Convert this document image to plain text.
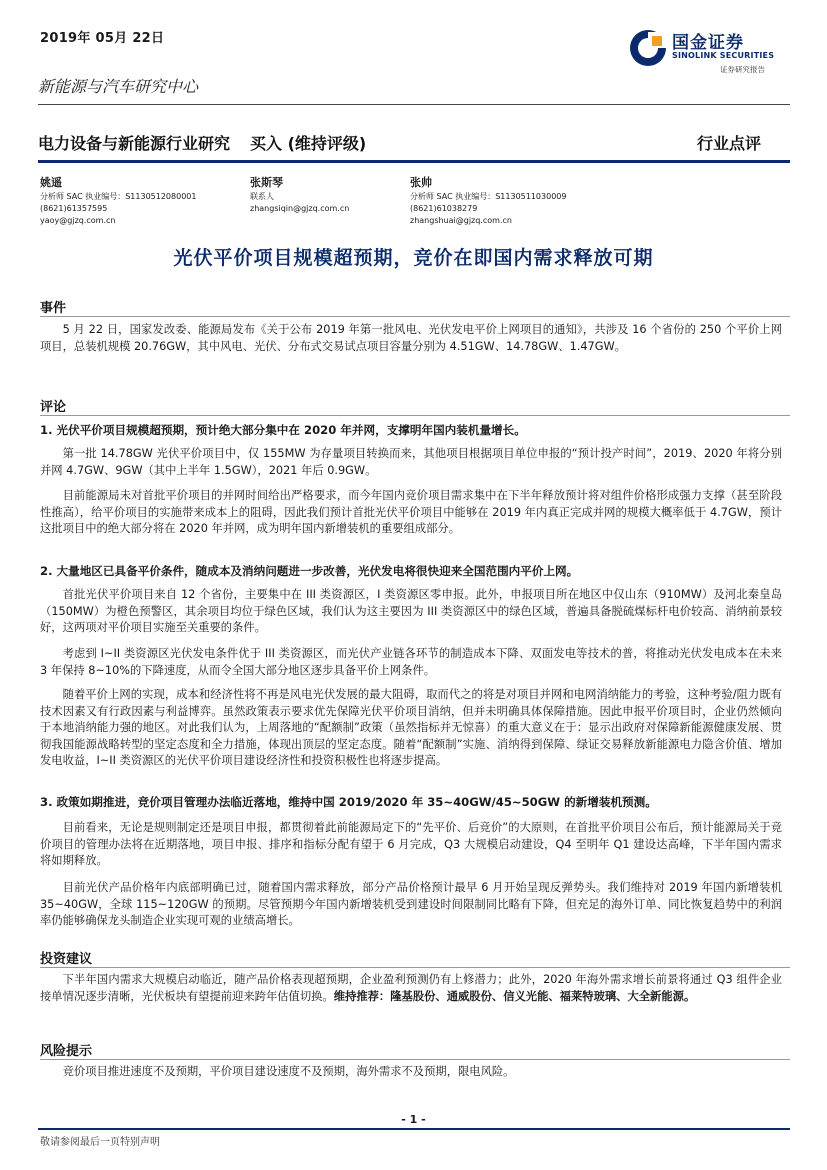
2019年 05月 22日
新能源与汽车研究中心
国金证券
SINOLINK SECURITIES
证券研究报告
电力设备与新能源行业研究 买入 (维持评级)	行业点评
姚遥
分析师 SAC 执业编号：S1130512080001
(8621)61357595
yaoy@gjzq.com.cn
张斯琴
联系人
zhangsiqin@gjzq.com.cn
张帅
分析师 SAC 执业编号：S1130511030009
(8621)61038279
zhangshuai@gjzq.com.cn
光伏平价项目规模超预期，竞价在即国内需求释放可期
事件
5 月 22 日，国家发改委、能源局发布《关于公布 2019 年第一批风电、光伏发电平价上网项目的通知》，共涉及 16 个省份的 250 个平价上网项目，总装机规模 20.76GW，其中风电、光伏、分布式交易试点项目容量分别为 4.51GW、14.78GW、1.47GW。
评论
1. 光伏平价项目规模超预期，预计绝大部分集中在 2020 年并网，支撑明年国内装机量增长。
第一批 14.78GW 光伏平价项目中，仅 155MW 为存量项目转换而来，其他项目根据项目单位申报的“预计投产时间”，2019、2020 年将分别并网 4.7GW、9GW（其中上半年 1.5GW），2021 年后 0.9GW。
目前能源局未对首批平价项目的并网时间给出严格要求，而今年国内竞价项目需求集中在下半年释放预计将对组件价格形成强力支撑（甚至阶段性推高），给平价项目的实施带来成本上的阻碍，因此我们预计首批光伏平价项目中能够在 2019 年内真正完成并网的规模大概率低于 4.7GW，预计这批项目中的绝大部分将在 2020 年并网，成为明年国内新增装机的重要组成部分。
2. 大量地区已具备平价条件，随成本及消纳问题进一步改善，光伏发电将很快迎来全国范围内平价上网。
首批光伏平价项目来自 12 个省份，主要集中在 III 类资源区，I 类资源区零申报。此外，申报项目所在地区中仅山东（910MW）及河北秦皇岛（150MW）为橙色预警区，其余项目均位于绿色区域，我们认为这主要因为 III 类资源区中的绿色区域，普遍具备脱硫煤标杆电价较高、消纳前景较好，这两项对平价项目实施至关重要的条件。
考虑到 I~II 类资源区光伏发电条件优于 III 类资源区，而光伏产业链各环节的制造成本下降、双面发电等技术的普，将推动光伏发电成本在未来 3 年保持 8~10%的下降速度，从而令全国大部分地区逐步具备平价上网条件。
随着平价上网的实现，成本和经济性将不再是风电光伏发展的最大阻碍，取而代之的将是对项目并网和电网消纳能力的考验，这种考验/阻力既有技术因素又有行政因素与利益博弈。虽然政策表示要求优先保障光伏平价项目消纳，但并未明确具体保障措施。因此申报平价项目时，企业仍然倾向于本地消纳能力强的地区。对此我们认为，上周落地的“配额制”政策（虽然指标并无惊喜）的重大意义在于：显示出政府对保障新能源健康发展、贯彻我国能源战略转型的坚定态度和全力措施，体现出顶层的坚定态度。随着“配额制”实施、消纳得到保障、绿证交易释放新能源电力隐含价值、增加发电收益，I~II 类资源区的光伏平价项目建设经济性和投资积极性也将逐步提高。
3. 政策如期推进，竞价项目管理办法临近落地，维持中国 2019/2020 年 35~40GW/45~50GW 的新增装机预测。
目前看来，无论是规则制定还是项目申报，都贯彻着此前能源局定下的“先平价、后竞价”的大原则，在首批平价项目公布后，预计能源局关于竞价项目的管理办法将在近期落地，项目申报、排序和指标分配有望于 6 月完成，Q3 大规模启动建设，Q4 至明年 Q1 建设达高峰，下半年国内需求将如期释放。
目前光伏产品价格年内底部明确已过，随着国内需求释放，部分产品价格预计最早 6 月开始呈现反弹势头。我们维持对 2019 年国内新增装机 35~40GW，全球 115~120GW 的预期。尽管预期今年国内新增装机受到建设时间限制同比略有下降，但充足的海外订单、同比恢复趋势中的利润率仍能够确保龙头制造企业实现可观的业绩高增长。
投资建议
下半年国内需求大规模启动临近，随产品价格表现超预期，企业盈利预测仍有上修潜力；此外，2020 年海外需求增长前景将通过 Q3 组件企业接单情况逐步清晰，光伏板块有望提前迎来跨年估值切换。维持推荐：隆基股份、通威股份、信义光能、福莱特玻璃、大全新能源。
风险提示
竞价项目推进速度不及预期，平价项目建设速度不及预期，海外需求不及预期，限电风险。
- 1 -
敬请参阅最后一页特别声明
